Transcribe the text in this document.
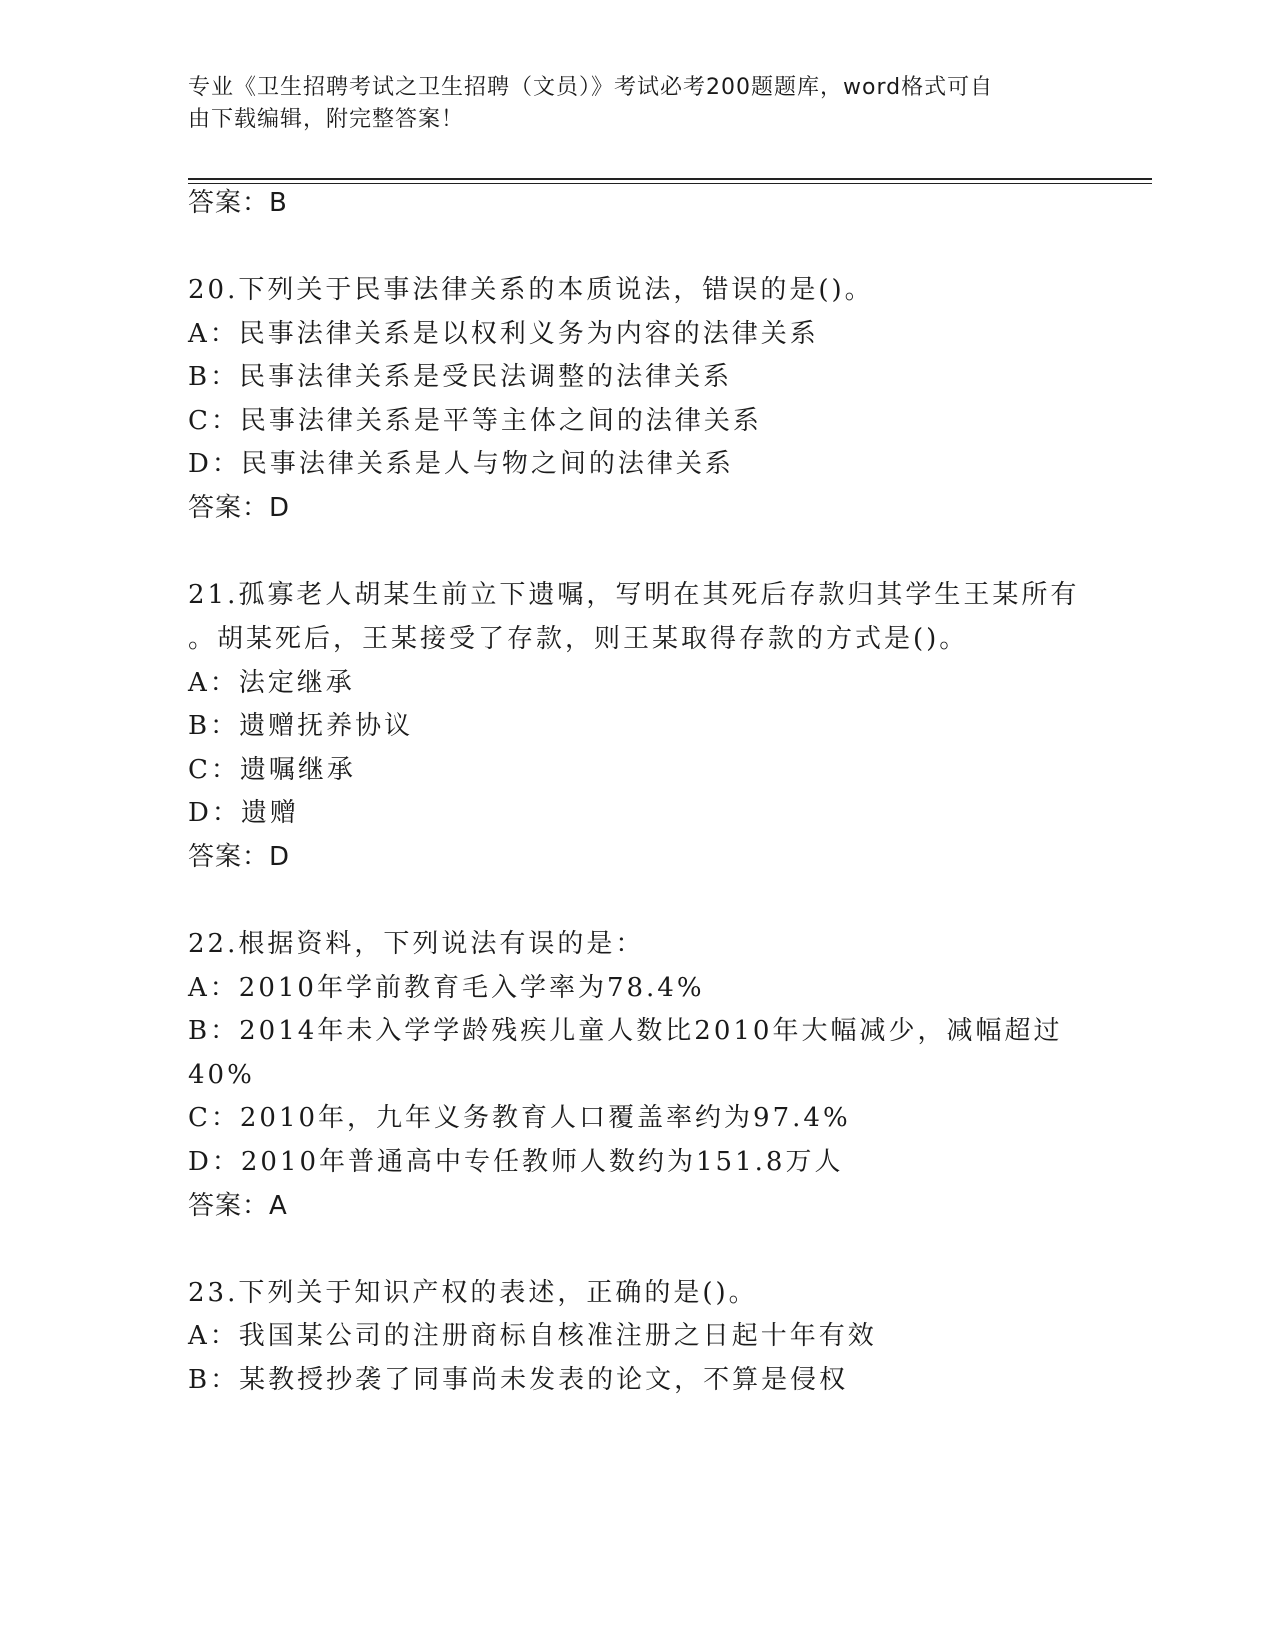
专业《卫生招聘考试之卫生招聘（文员）》考试必考200题题库，word格式可自
由下载编辑，附完整答案！
答案：B
20.下列关于民事法律关系的本质说法，错误的是()。
A：民事法律关系是以权利义务为内容的法律关系
B：民事法律关系是受民法调整的法律关系
C：民事法律关系是平等主体之间的法律关系
D：民事法律关系是人与物之间的法律关系
答案：D
21.孤寡老人胡某生前立下遗嘱，写明在其死后存款归其学生王某所有
。胡某死后，王某接受了存款，则王某取得存款的方式是()。
A：法定继承
B：遗赠抚养协议
C：遗嘱继承
D：遗赠
答案：D
22.根据资料，下列说法有误的是：
A：2010年学前教育毛入学率为78.4%
B：2014年未入学学龄残疾儿童人数比2010年大幅减少，减幅超过
40%
C：2010年，九年义务教育人口覆盖率约为97.4%
D：2010年普通高中专任教师人数约为151.8万人
答案：A
23.下列关于知识产权的表述，正确的是()。
A：我国某公司的注册商标自核准注册之日起十年有效
B：某教授抄袭了同事尚未发表的论文，不算是侵权
